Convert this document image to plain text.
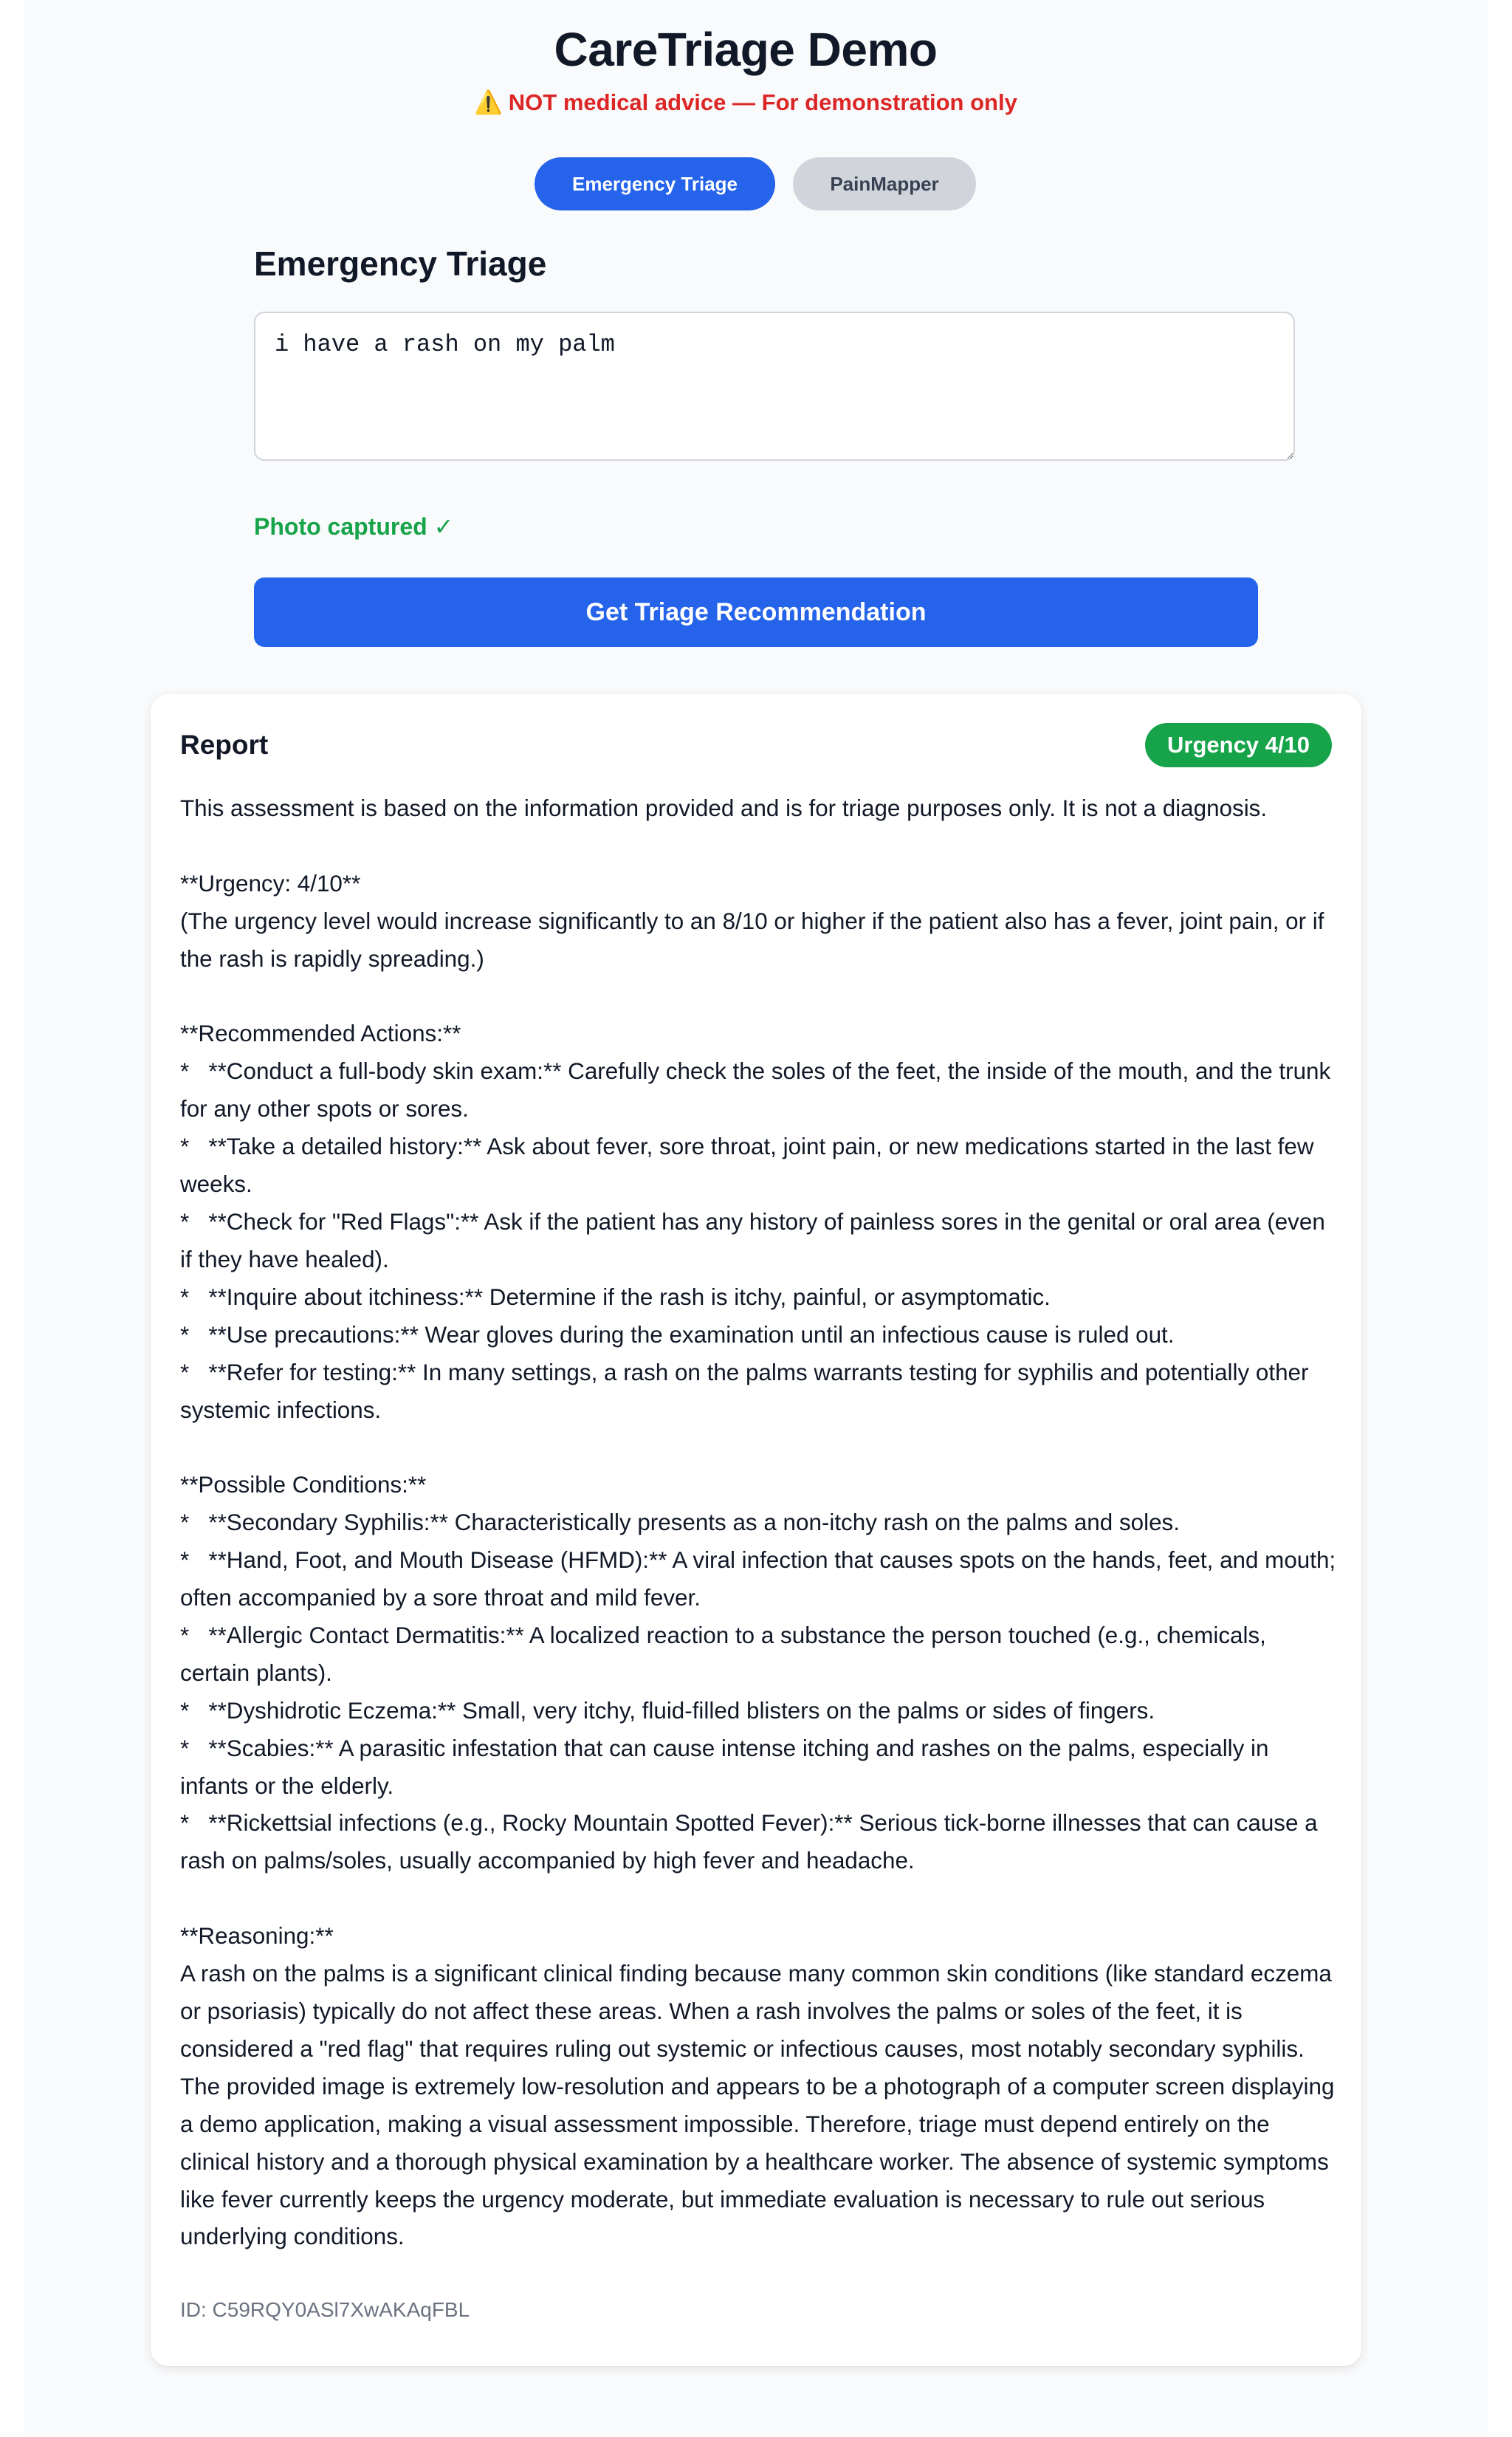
CareTriage Demo
⚠️ NOT medical advice — For demonstration only
Emergency Triage	PainMapper
Emergency Triage
i have a rash on my palm
Photo captured ✓
Get Triage Recommendation
Report	Urgency 4/10
This assessment is based on the information provided and is for triage purposes only. It is not a diagnosis.

**Urgency: 4/10**
(The urgency level would increase significantly to an 8/10 or higher if the patient also has a fever, joint pain, or if the rash is rapidly spreading.)

**Recommended Actions:**
*   **Conduct a full-body skin exam:** Carefully check the soles of the feet, the inside of the mouth, and the trunk for any other spots or sores.
*   **Take a detailed history:** Ask about fever, sore throat, joint pain, or new medications started in the last few weeks.
*   **Check for "Red Flags":** Ask if the patient has any history of painless sores in the genital or oral area (even if they have healed).
*   **Inquire about itchiness:** Determine if the rash is itchy, painful, or asymptomatic.
*   **Use precautions:** Wear gloves during the examination until an infectious cause is ruled out.
*   **Refer for testing:** In many settings, a rash on the palms warrants testing for syphilis and potentially other systemic infections.

**Possible Conditions:**
*   **Secondary Syphilis:** Characteristically presents as a non-itchy rash on the palms and soles.
*   **Hand, Foot, and Mouth Disease (HFMD):** A viral infection that causes spots on the hands, feet, and mouth; often accompanied by a sore throat and mild fever.
*   **Allergic Contact Dermatitis:** A localized reaction to a substance the person touched (e.g., chemicals, certain plants).
*   **Dyshidrotic Eczema:** Small, very itchy, fluid-filled blisters on the palms or sides of fingers.
*   **Scabies:** A parasitic infestation that can cause intense itching and rashes on the palms, especially in infants or the elderly.
*   **Rickettsial infections (e.g., Rocky Mountain Spotted Fever):** Serious tick-borne illnesses that can cause a rash on palms/soles, usually accompanied by high fever and headache.

**Reasoning:**
A rash on the palms is a significant clinical finding because many common skin conditions (like standard eczema or psoriasis) typically do not affect these areas. When a rash involves the palms or soles of the feet, it is considered a "red flag" that requires ruling out systemic or infectious causes, most notably secondary syphilis. The provided image is extremely low-resolution and appears to be a photograph of a computer screen displaying a demo application, making a visual assessment impossible. Therefore, triage must depend entirely on the clinical history and a thorough physical examination by a healthcare worker. The absence of systemic symptoms like fever currently keeps the urgency moderate, but immediate evaluation is necessary to rule out serious underlying conditions.
ID: C59RQY0ASl7XwAKAqFBL
